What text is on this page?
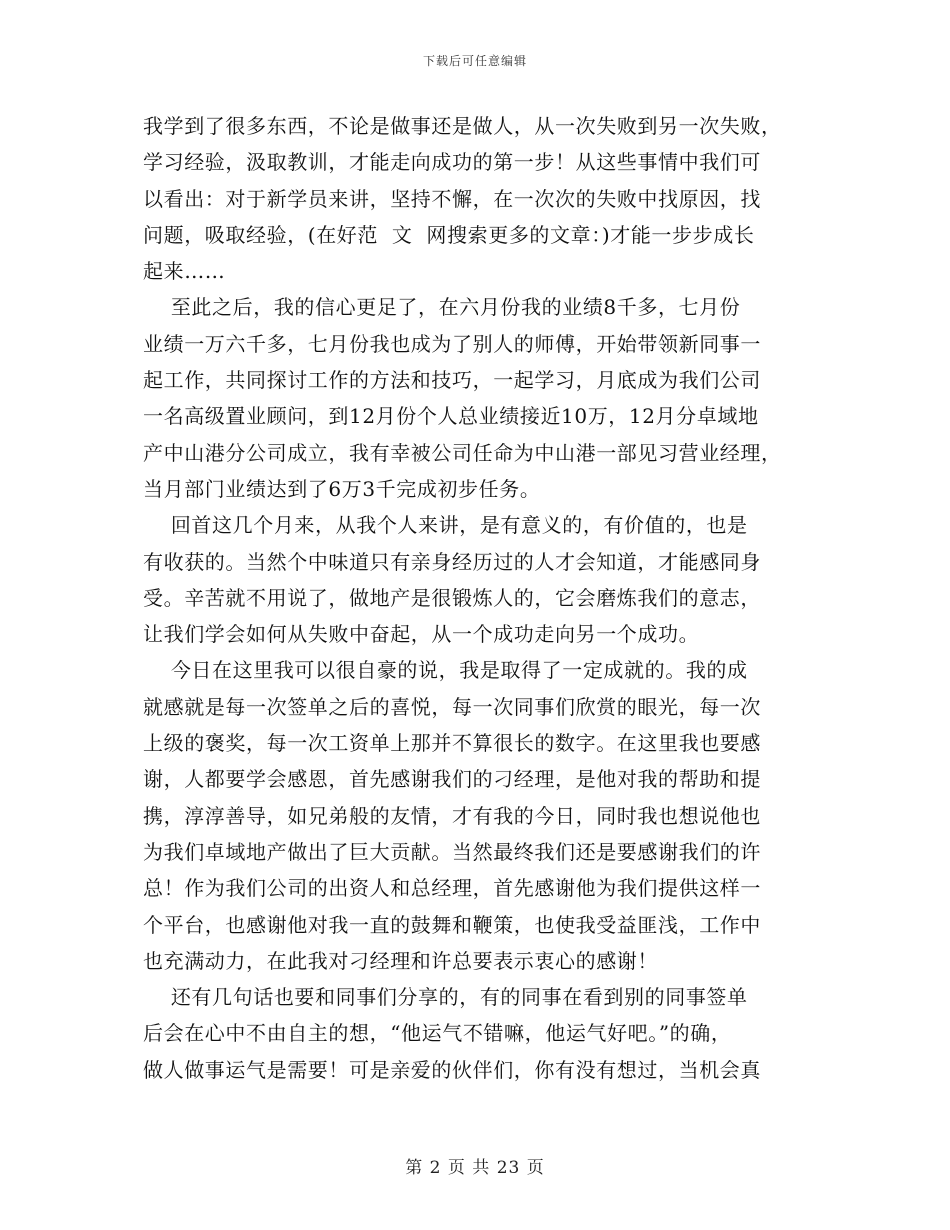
下载后可任意编辑
我学到了很多东西，不论是做事还是做人，从一次失败到另一次失败，
学习经验，汲取教训，才能走向成功的第一步！从这些事情中我们可
以看出：对于新学员来讲，坚持不懈，在一次次的失败中找原因，找
问题，吸取经验，(在好范  文  网搜索更多的文章：)才能一步步成长
起来……
至此之后，我的信心更足了，在六月份我的业绩8千多，七月份
业绩一万六千多，七月份我也成为了别人的师傅，开始带领新同事一
起工作，共同探讨工作的方法和技巧，一起学习，月底成为我们公司
一名高级置业顾问，到12月份个人总业绩接近10万，12月分卓域地
产中山港分公司成立，我有幸被公司任命为中山港一部见习营业经理，
当月部门业绩达到了6万3千完成初步任务。
回首这几个月来，从我个人来讲，是有意义的，有价值的，也是
有收获的。当然个中味道只有亲身经历过的人才会知道，才能感同身
受。辛苦就不用说了，做地产是很锻炼人的，它会磨炼我们的意志，
让我们学会如何从失败中奋起，从一个成功走向另一个成功。
今日在这里我可以很自豪的说，我是取得了一定成就的。我的成
就感就是每一次签单之后的喜悦，每一次同事们欣赏的眼光，每一次
上级的褒奖，每一次工资单上那并不算很长的数字。在这里我也要感
谢，人都要学会感恩，首先感谢我们的刁经理，是他对我的帮助和提
携，淳淳善导，如兄弟般的友情，才有我的今日，同时我也想说他也
为我们卓域地产做出了巨大贡献。当然最终我们还是要感谢我们的许
总！作为我们公司的出资人和总经理，首先感谢他为我们提供这样一
个平台，也感谢他对我一直的鼓舞和鞭策，也使我受益匪浅，工作中
也充满动力，在此我对刁经理和许总要表示衷心的感谢！
还有几句话也要和同事们分享的，有的同事在看到别的同事签单
后会在心中不由自主的想，“他运气不错嘛，他运气好吧。”的确，
做人做事运气是需要！可是亲爱的伙伴们，你有没有想过，当机会真
第 2 页 共 23 页
